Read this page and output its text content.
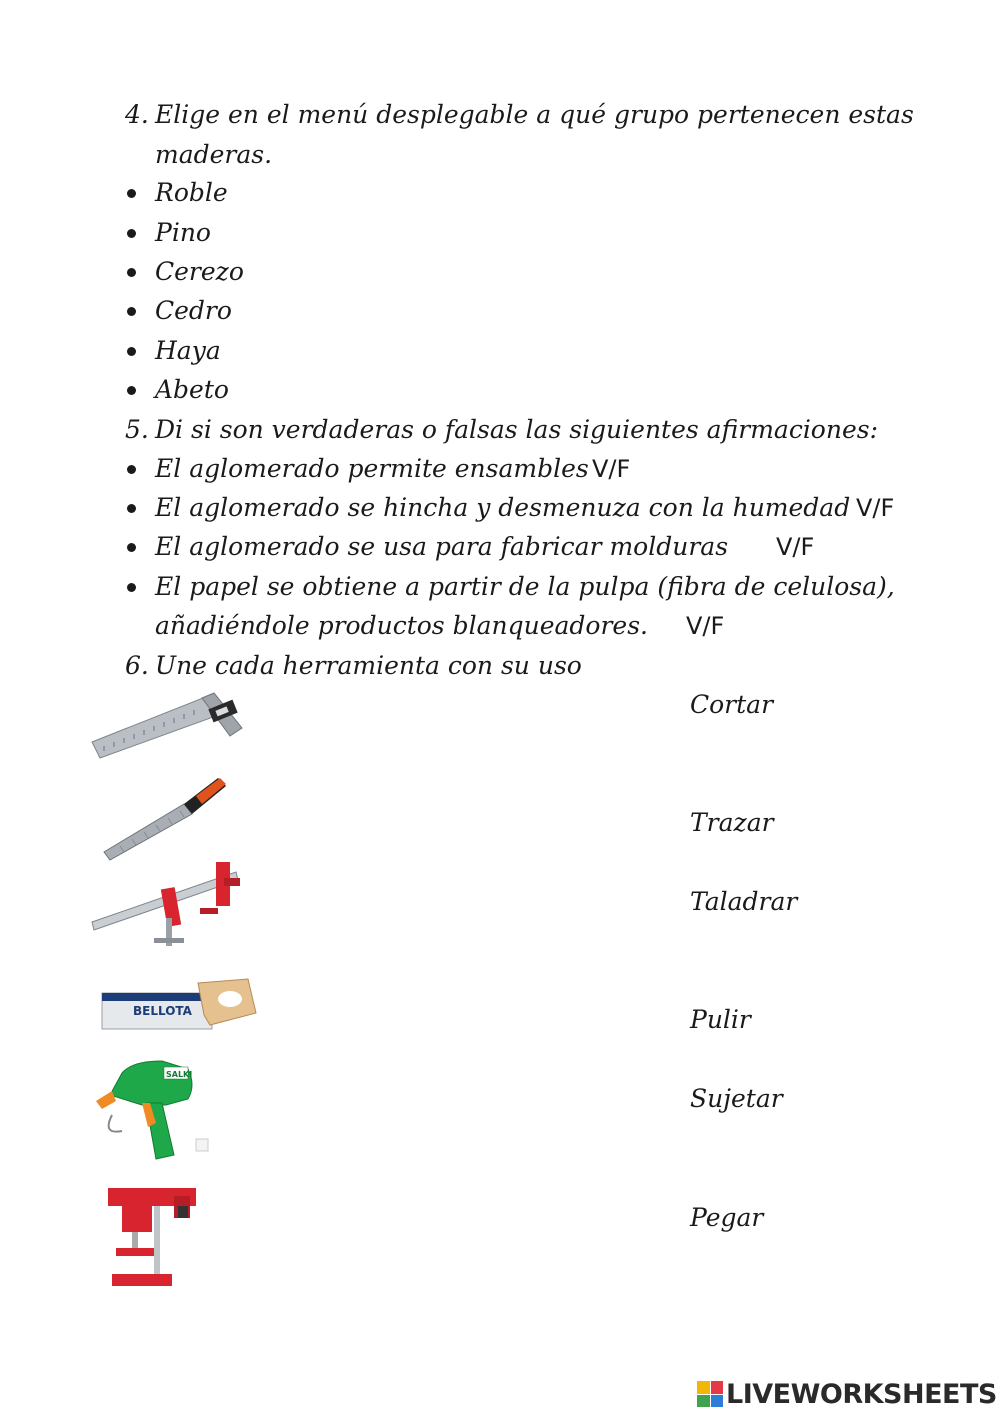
4. Elige en el menú desplegable a qué grupo pertenecen estas
maderas.
Roble
Pino
Cerezo
Cedro
Haya
Abeto
5. Di si son verdaderas o falsas las siguientes afirmaciones:
El aglomerado permite ensambles V/F
El aglomerado se hincha y desmenuza con la humedad V/F
El aglomerado se usa para fabricar molduras V/F
El papel se obtiene a partir de la pulpa (fibra de celulosa),
añadiéndole productos blanqueadores. V/F
6. Une cada herramienta con su uso
Cortar
Trazar
Taladrar
Pulir
Sujetar
Pegar
BELLOTA
SALKI
LIVEWORKSHEETS
